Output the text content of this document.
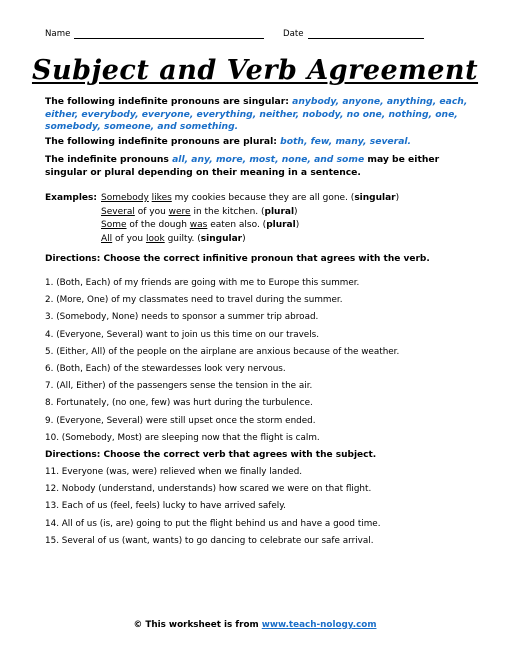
Name	Date
Subject and Verb Agreement
The following indefinite pronouns are singular: anybody, anyone, anything, each, either, everybody, everyone, everything, neither, nobody, no one, nothing, one, somebody, someone, and something.
The following indefinite pronouns are plural: both, few, many, several.
The indefinite pronouns all, any, more, most, none, and some may be either singular or plural depending on their meaning in a sentence.
Examples: Somebody likes my cookies because they are all gone. (singular)
Several of you were in the kitchen. (plural)
Some of the dough was eaten also. (plural)
All of you look guilty. (singular)
Directions: Choose the correct infinitive pronoun that agrees with the verb.
1. (Both, Each) of my friends are going with me to Europe this summer.
2. (More, One) of my classmates need to travel during the summer.
3. (Somebody, None) needs to sponsor a summer trip abroad.
4. (Everyone, Several) want to join us this time on our travels.
5. (Either, All) of the people on the airplane are anxious because of the weather.
6. (Both, Each) of the stewardesses look very nervous.
7. (All, Either) of the passengers sense the tension in the air.
8. Fortunately, (no one, few) was hurt during the turbulence.
9. (Everyone, Several) were still upset once the storm ended.
10. (Somebody, Most) are sleeping now that the flight is calm.
Directions: Choose the correct verb that agrees with the subject.
11. Everyone (was, were) relieved when we finally landed.
12. Nobody (understand, understands) how scared we were on that flight.
13. Each of us (feel, feels) lucky to have arrived safely.
14. All of us (is, are) going to put the flight behind us and have a good time.
15. Several of us (want, wants) to go dancing to celebrate our safe arrival.
© This worksheet is from www.teach-nology.com
